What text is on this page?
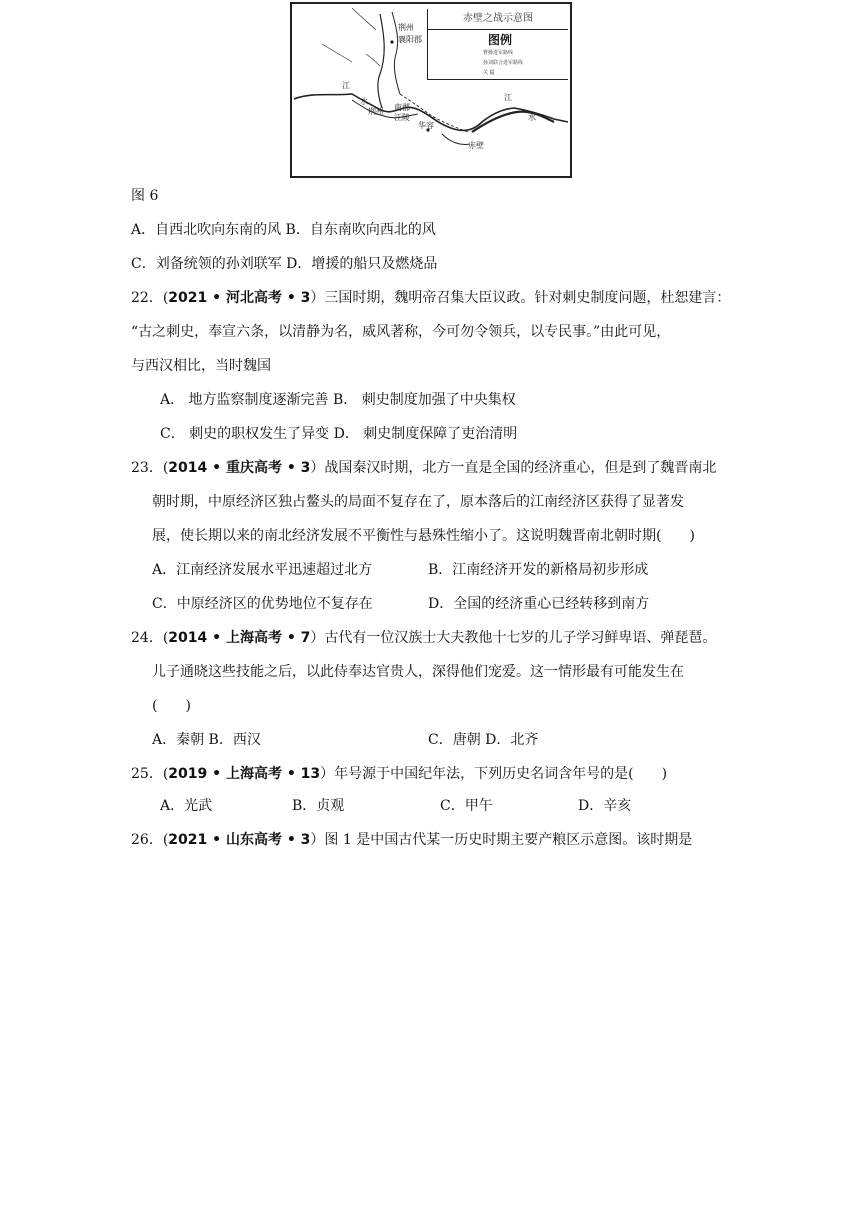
赤壁之战示意图
图例
曹操进军路线
孙刘联合进军路线
关 隘
荆州
襄阳郡
江
水
荆州 南郡
江陵
华容
赤壁
江
水
图 6
A．自西北吹向东南的风 B．自东南吹向西北的风
C．刘备统领的孙刘联军 D．增援的船只及燃烧品
22．(2021 • 河北高考 • 3）三国时期，魏明帝召集大臣议政。针对刺史制度问题，杜恕建言：
“古之刺史，奉宣六条，以清静为名，威风著称，今可勿令领兵，以专民事。”由此可见，
与西汉相比，当时魏国
A． 地方监察制度逐渐完善 B． 刺史制度加强了中央集权
C． 刺史的职权发生了异变 D． 刺史制度保障了吏治清明
23．(2014 • 重庆高考 • 3）战国秦汉时期，北方一直是全国的经济重心，但是到了魏晋南北
朝时期，中原经济区独占鳌头的局面不复存在了，原本落后的江南经济区获得了显著发
展，使长期以来的南北经济发展不平衡性与悬殊性缩小了。这说明魏晋南北朝时期(　　)
A．江南经济发展水平迅速超过北方	B．江南经济开发的新格局初步形成
C．中原经济区的优势地位不复存在	D．全国的经济重心已经转移到南方
24．(2014 • 上海高考 • 7）古代有一位汉族士大夫教他十七岁的儿子学习鲜卑语、弹琵琶。
儿子通晓这些技能之后，以此侍奉达官贵人，深得他们宠爱。这一情形最有可能发生在
(　　)
A．秦朝 B．西汉	C．唐朝 D．北齐
25．(2019 • 上海高考 • 13）年号源于中国纪年法，下列历史名词含年号的是(　　)
A．光武	B．贞观	C．甲午	D．辛亥
26．(2021 • 山东高考 • 3）图 1 是中国古代某一历史时期主要产粮区示意图。该时期是
